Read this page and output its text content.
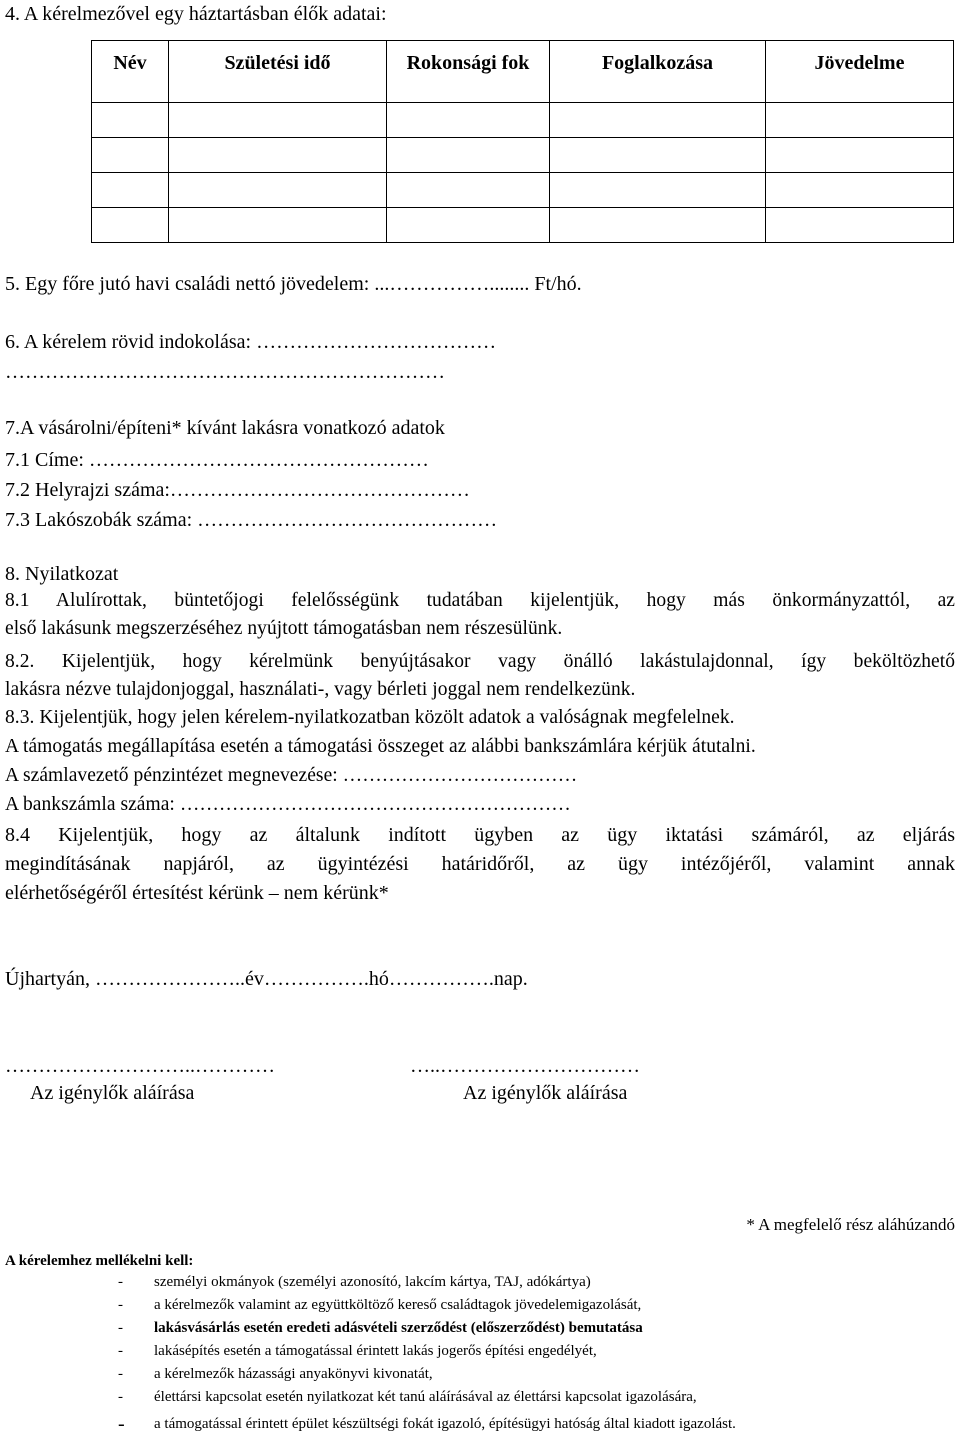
4. A kérelmezővel egy háztartásban élők adatai:
Név	Születési idő	Rokonsági fok	Foglalkozása	Jövedelme

5. Egy főre jutó havi családi nettó jövedelem: ...……………........ Ft/hó.
6. A kérelem rövid indokolása: ………………………………
…………………………………………………………
7.A vásárolni/építeni* kívánt lakásra vonatkozó adatok
7.1 Címe: ……………………………………………
7.2 Helyrajzi száma:………………………………………
7.3 Lakószobák száma: ………………………………………
8. Nyilatkozat
8.1 Alulírottak, büntetőjogi felelősségünk tudatában kijelentjük, hogy más önkormányzattól, az
első lakásunk megszerzéséhez nyújtott támogatásban nem részesülünk.
8.2. Kijelentjük, hogy kérelmünk benyújtásakor vagy önálló lakástulajdonnal, így beköltözhető
lakásra nézve tulajdonjoggal, használati-, vagy bérleti joggal nem rendelkezünk.
8.3. Kijelentjük, hogy jelen kérelem-nyilatkozatban közölt adatok a valóságnak megfelelnek.
A támogatás megállapítása esetén a támogatási összeget az alábbi bankszámlára kérjük átutalni.
A számlavezető pénzintézet megnevezése: ………………………………
A bankszámla száma: ……………………………………………………
8.4 Kijelentjük, hogy az általunk indított ügyben az ügy iktatási számáról, az eljárás
megindításának napjáról, az ügyintézési határidőről, az ügy intézőjéről, valamint annak
elérhetőségéről értesítést kérünk – nem kérünk*
Újhartyán, …………………..év…………….hó…………….nap.
………………………..…………	…..…………………………
Az igénylők aláírása	Az igénylők aláírása
* A megfelelő rész aláhúzandó
A kérelemhez mellékelni kell:
- személyi okmányok (személyi azonosító, lakcím kártya, TAJ, adókártya)
- a kérelmezők valamint az együttköltöző kereső családtagok jövedelemigazolását,
- lakásvásárlás esetén eredeti adásvételi szerződést (előszerződést) bemutatása
- lakásépítés esetén a támogatással érintett lakás jogerős építési engedélyét,
- a kérelmezők házassági anyakönyvi kivonatát,
- élettársi kapcsolat esetén nyilatkozat két tanú aláírásával az élettársi kapcsolat igazolására,
- a támogatással érintett épület készültségi fokát igazoló, építésügyi hatóság által kiadott igazolást.
